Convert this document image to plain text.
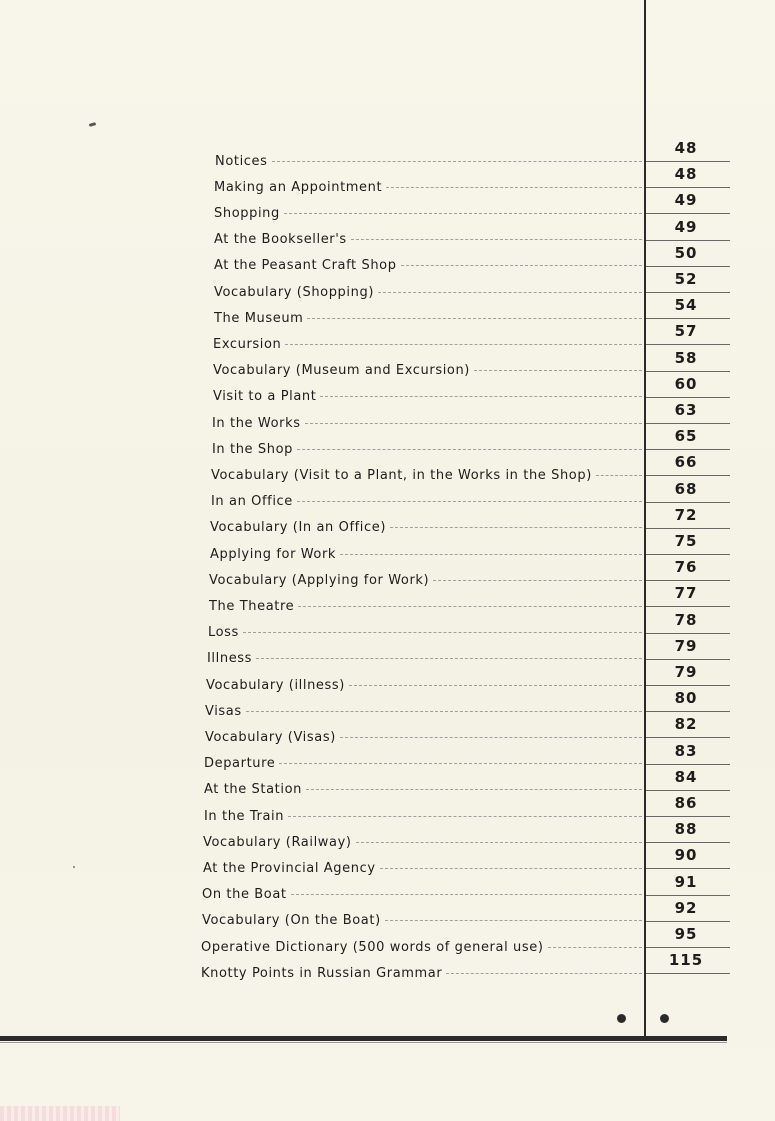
Notices
Making an Appointment
Shopping
At the Bookseller's
At the Peasant Craft Shop
Vocabulary (Shopping)
The Museum
Excursion
Vocabulary (Museum and Excursion)
Visit to a Plant
In the Works
In the Shop
Vocabulary (Visit to a Plant, in the Works in the Shop)
In an Office
Vocabulary (In an Office)
Applying for Work
Vocabulary (Applying for Work)
The Theatre
Loss
Illness
Vocabulary (illness)
Visas
Vocabulary (Visas)
Departure
At the Station
In the Train
Vocabulary (Railway)
At the Provincial Agency
On the Boat
Vocabulary (On the Boat)
Operative Dictionary (500 words of general use)
Knotty Points in Russian Grammar
48
48
49
49
50
52
54
57
58
60
63
65
66
68
72
75
76
77
78
79
79
80
82
83
84
86
88
90
91
92
95
115
